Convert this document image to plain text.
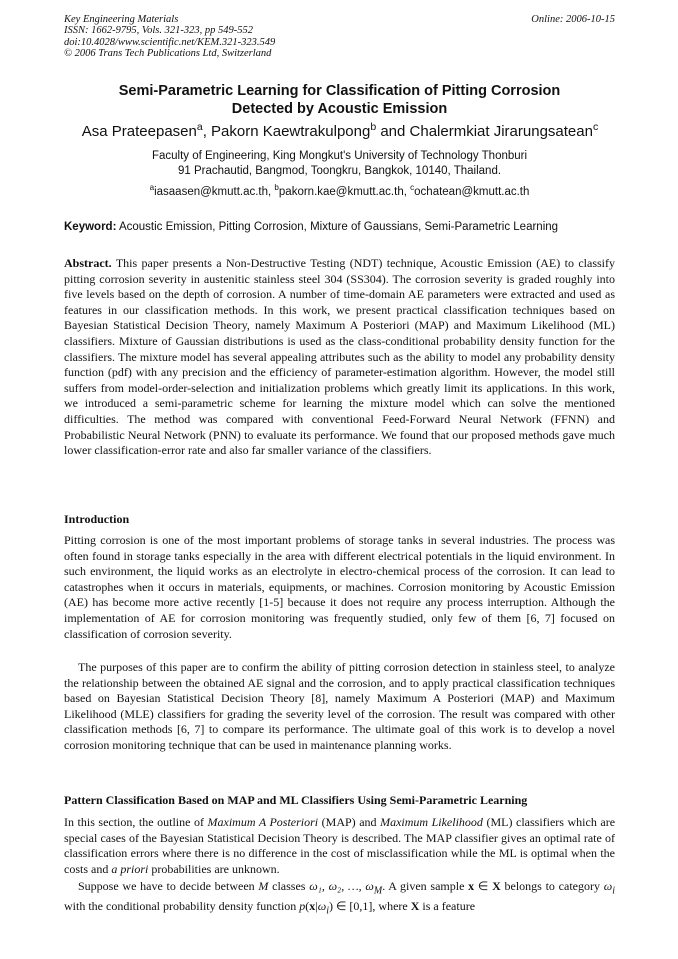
Key Engineering Materials
ISSN: 1662-9795, Vols. 321-323, pp 549-552
doi:10.4028/www.scientific.net/KEM.321-323.549
© 2006 Trans Tech Publications Ltd, Switzerland
Online: 2006-10-15
Semi-Parametric Learning for Classification of Pitting Corrosion
Detected by Acoustic Emission
Asa Prateepasen$^a$, Pakorn Kaewtrakulpong$^b$ and Chalermkiat Jirarungsatean$^c$
Faculty of Engineering, King Mongkut's University of Technology Thonburi
91 Prachautid, Bangmod, Toongkru, Bangkok, 10140, Thailand.
$^a$iasaasen@kmutt.ac.th, $^b$pakorn.kae@kmutt.ac.th, $^c$ochatean@kmutt.ac.th
Keyword: Acoustic Emission, Pitting Corrosion, Mixture of Gaussians, Semi-Parametric Learning
Abstract. This paper presents a Non-Destructive Testing (NDT) technique, Acoustic Emission (AE) to classify pitting corrosion severity in austenitic stainless steel 304 (SS304). The corrosion severity is graded roughly into five levels based on the depth of corrosion. A number of time-domain AE parameters were extracted and used as features in our classification methods. In this work, we present practical classification techniques based on Bayesian Statistical Decision Theory, namely Maximum A Posteriori (MAP) and Maximum Likelihood (ML) classifiers. Mixture of Gaussian distributions is used as the class-conditional probability density function for the classifiers. The mixture model has several appealing attributes such as the ability to model any probability density function (pdf) with any precision and the efficiency of parameter-estimation algorithm. However, the model still suffers from model-order-selection and initialization problems which greatly limit its applications. In this work, we introduced a semi-parametric scheme for learning the mixture model which can solve the mentioned difficulties. The method was compared with conventional Feed-Forward Neural Network (FFNN) and Probabilistic Neural Network (PNN) to evaluate its performance. We found that our proposed methods gave much lower classification-error rate and also far smaller variance of the classifiers.
Introduction
Pitting corrosion is one of the most important problems of storage tanks in several industries. The process was often found in storage tanks especially in the area with different electrical potentials in the liquid environment. In such environment, the liquid works as an electrolyte in electro-chemical process of the corrosion. It can lead to catastrophes when it occurs in materials, equipments, or machines. Corrosion monitoring by Acoustic Emission (AE) has become more active recently [1-5] because it does not require any process interruption. Although the implementation of AE for corrosion monitoring was frequently studied, only few of them [6, 7] focused on classification of corrosion severity.
The purposes of this paper are to confirm the ability of pitting corrosion detection in stainless steel, to analyze the relationship between the obtained AE signal and the corrosion, and to apply practical classification techniques based on Bayesian Statistical Decision Theory [8], namely Maximum A Posteriori (MAP) and Maximum Likelihood (MLE) classifiers for grading the severity level of the corrosion. The result was compared with other classification methods [6, 7] to compare its performance. The ultimate goal of this work is to develop a novel corrosion monitoring technique that can be used in maintenance planning works.
Pattern Classification Based on MAP and ML Classifiers Using Semi-Parametric Learning
In this section, the outline of Maximum A Posteriori (MAP) and Maximum Likelihood (ML) classifiers which are special cases of the Bayesian Statistical Decision Theory is described. The MAP classifier gives an optimal rate of classification errors where there is no difference in the cost of misclassification while the ML is optimal when the costs and a priori probabilities are unknown.
Suppose we have to decide between M classes ω₁, ω₂, …, $\omega_M$. A given sample x ∈ X belongs to category $\omega_i$ with the conditional probability density function $p(x|\omega_i)$ ∈ [0,1], where X is a feature
